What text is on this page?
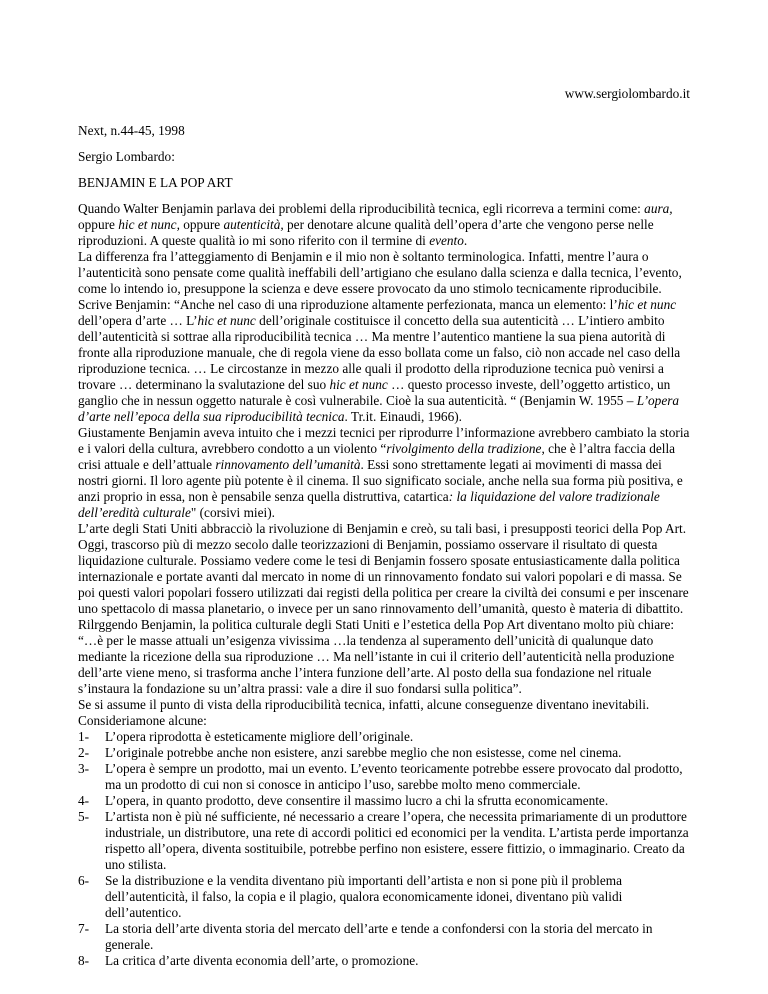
www.sergiolombardo.it
Next, n.44-45, 1998
Sergio Lombardo:
BENJAMIN E LA POP ART

Quando Walter Benjamin parlava dei problemi della riproducibilità tecnica, egli ricorreva a termini come: aura, oppure hic et nunc, oppure autenticità, per denotare alcune qualità dell’opera d’arte che vengono perse nelle riproduzioni. A queste qualità io mi sono riferito con il termine di evento.

La differenza fra l’atteggiamento di Benjamin e il mio non è soltanto terminologica. Infatti, mentre l’aura o l’autenticità sono pensate come qualità ineffabili dell’artigiano che esulano dalla scienza e dalla tecnica, l’evento, come lo intendo io, presuppone la scienza e deve essere provocato da uno stimolo tecnicamente riproducibile.

Scrive Benjamin: “Anche nel caso di una riproduzione altamente perfezionata, manca un elemento: l’hic et nunc dell’opera d’arte … L’hic et nunc dell’originale costituisce il concetto della sua autenticità … L’intiero ambito dell’autenticità si sottrae alla riproducibilità tecnica … Ma mentre l’autentico mantiene la sua piena autorità di fronte alla riproduzione manuale, che di regola viene da esso bollata come un falso, ciò non accade nel caso della riproduzione tecnica. … Le circostanze in mezzo alle quali il prodotto della riproduzione tecnica può venirsi a trovare … determinano la svalutazione del suo hic et nunc … questo processo investe, dell’oggetto artistico, un ganglio che in nessun oggetto naturale è così vulnerabile. Cioè la sua autenticità. “ (Benjamin W. 1955 – L’opera d’arte nell’epoca della sua riproducibilità tecnica. Tr.it. Einaudi, 1966).

Giustamente Benjamin aveva intuito che i mezzi tecnici per riprodurre l’informazione avrebbero cambiato la storia e i valori della cultura, avrebbero condotto a un violento “rivolgimento della tradizione, che è l’altra faccia della crisi attuale e dell’attuale rinnovamento dell’umanità. Essi sono strettamente legati ai movimenti di massa dei nostri giorni. Il loro agente più potente è il cinema. Il suo significato sociale, anche nella sua forma più positiva, e anzi proprio in essa, non è pensabile senza quella distruttiva, catartica: la liquidazione del valore tradizionale dell’eredità culturale" (corsivi miei).

L’arte degli Stati Uniti abbracciò la rivoluzione di Benjamin e creò, su tali basi, i presupposti teorici della Pop Art. Oggi, trascorso più di mezzo secolo dalle teorizzazioni di Benjamin, possiamo osservare il risultato di questa liquidazione culturale. Possiamo vedere come le tesi di Benjamin fossero sposate entusiasticamente dalla politica internazionale e portate avanti dal mercato in nome di un rinnovamento fondato sui valori popolari e di massa. Se poi questi valori popolari fossero utilizzati dai registi della politica per creare la civiltà dei consumi e per inscenare uno spettacolo di massa planetario, o invece per un sano rinnovamento dell’umanità, questo è materia di dibattito.

Rilrggendo Benjamin, la politica culturale degli Stati Uniti e l’estetica della Pop Art diventano molto più chiare: “…è per le masse attuali un’esigenza vivissima …la tendenza al superamento dell’unicità di qualunque dato mediante la ricezione della sua riproduzione … Ma nell’istante in cui il criterio dell’autenticità nella produzione dell’arte viene meno, si trasforma anche l’intera funzione dell’arte. Al posto della sua fondazione nel rituale s’instaura la fondazione su un’altra prassi: vale a dire il suo fondarsi sulla politica”.

Se si assume il punto di vista della riproducibilità tecnica, infatti, alcune conseguenze diventano inevitabili. Consideriamone alcune:

1- L’opera riprodotta è esteticamente migliore dell’originale.
2- L’originale potrebbe anche non esistere, anzi sarebbe meglio che non esistesse, come nel cinema.
3- L’opera è sempre un prodotto, mai un evento. L’evento teoricamente potrebbe essere provocato dal prodotto, ma un prodotto di cui non si conosce in anticipo l’uso, sarebbe molto meno commerciale.
4- L’opera, in quanto prodotto, deve consentire il massimo lucro a chi la sfrutta economicamente.
5- L’artista non è più né sufficiente, né necessario a creare l’opera, che necessita primariamente di un produttore industriale, un distributore, una rete di accordi politici ed economici per la vendita. L’artista perde importanza rispetto all’opera, diventa sostituibile, potrebbe perfino non esistere, essere fittizio, o immaginario. Creato da uno stilista.
6- Se la distribuzione e la vendita diventano più importanti dell’artista e non si pone più il problema dell’autenticità, il falso, la copia e il plagio, qualora economicamente idonei, diventano più validi dell’autentico.
7- La storia dell’arte diventa storia del mercato dell’arte e tende a confondersi con la storia del mercato in generale.
8- La critica d’arte diventa economia dell’arte, o promozione.
